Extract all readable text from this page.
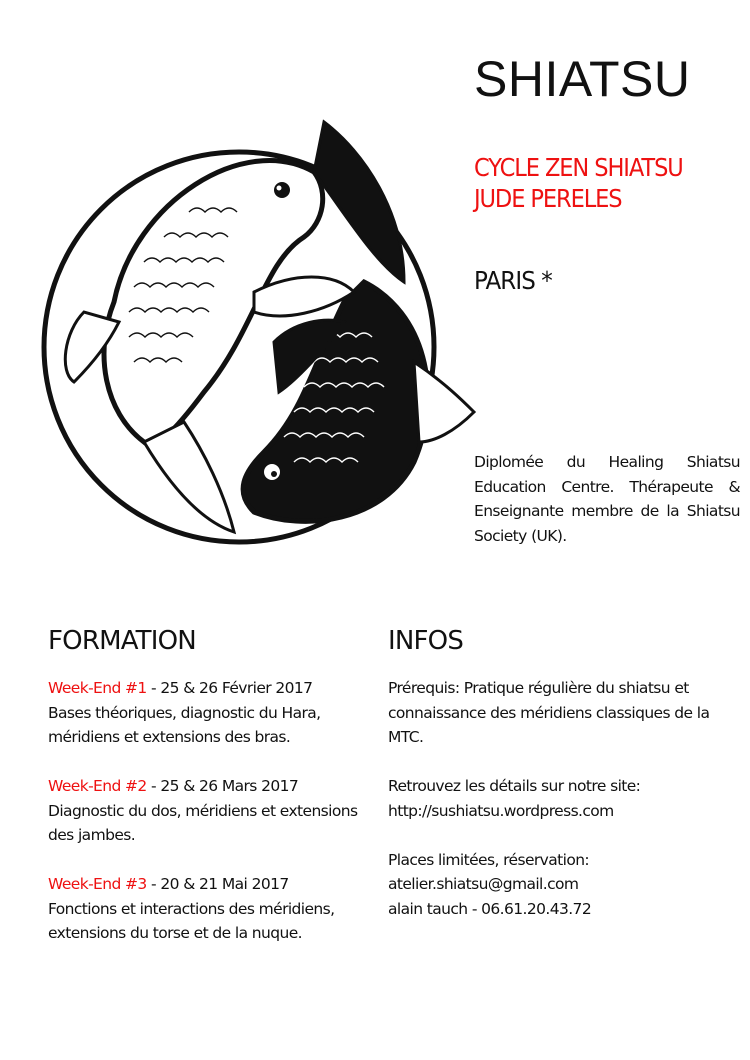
SHIATSU
CYCLE ZEN SHIATSU
JUDE PERELES
PARIS *
Diplomée du Healing Shiatsu Education Centre. Thérapeute & Enseignante membre de la Shiatsu Society (UK).
FORMATION

Week-End #1 - 25 & 26 Février 2017

Bases théoriques, diagnostic du Hara, méridiens et extensions des bras.

Week-End #2 - 25 & 26 Mars 2017

Diagnostic du dos, méridiens et extensions des jambes.

Week-End #3 - 20 & 21 Mai 2017

Fonctions et interactions des méridiens, extensions du torse et de la nuque.

INFOS

Prérequis: Pratique régulière du shiatsu et connaissance des méridiens classiques de la MTC.

Retrouvez les détails sur notre site:

http://sushiatsu.wordpress.com

Places limitées, réservation:

atelier.shiatsu@gmail.com

alain tauch - 06.61.20.43.72
